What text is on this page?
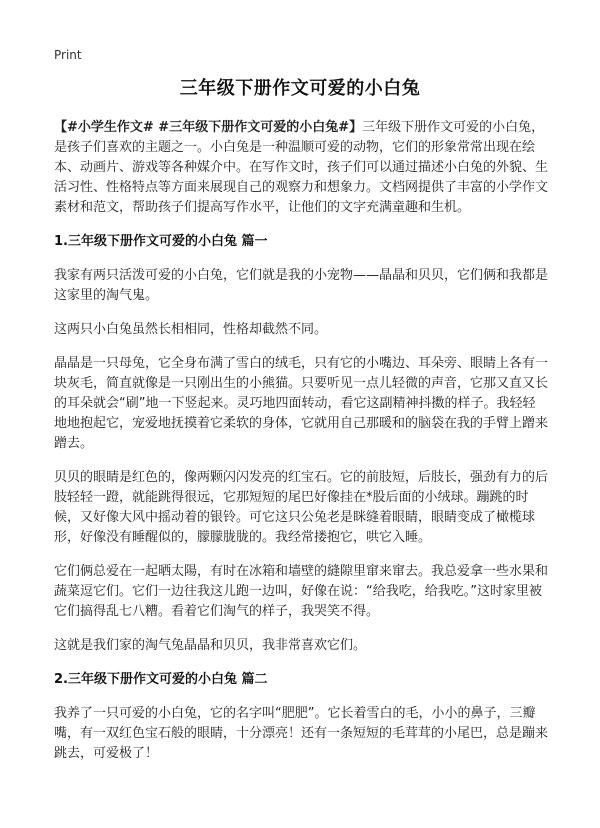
Print
三年级下册作文可爱的小白兔

【#小学生作文# #三年级下册作文可爱的小白兔#】三年级下册作文可爱的小白兔，是孩子们喜欢的主题之一。小白兔是一种温顺可爱的动物，它们的形象常常出现在绘本、动画片、游戏等各种媒介中。在写作文时，孩子们可以通过描述小白兔的外貌、生活习性、性格特点等方面来展现自己的观察力和想象力。文档网提供了丰富的小学作文素材和范文，帮助孩子们提高写作水平，让他们的文字充满童趣和生机。

1.三年级下册作文可爱的小白兔 篇一

我家有两只活泼可爱的小白兔，它们就是我的小宠物——晶晶和贝贝，它们俩和我都是这家里的淘气鬼。

这两只小白兔虽然长相相同，性格却截然不同。

晶晶是一只母兔，它全身布满了雪白的绒毛，只有它的小嘴边、耳朵旁、眼睛上各有一块灰毛，简直就像是一只刚出生的小熊猫。只要听见一点儿轻微的声音，它那又直又长的耳朵就会“刷”地一下竖起来。灵巧地四面转动，看它这副精神抖擞的样子。我轻轻地地抱起它，宠爱地抚摸着它柔软的身体，它就用自己那暖和的脑袋在我的手臂上蹭来蹭去。

贝贝的眼睛是红色的，像两颗闪闪发亮的红宝石。它的前肢短，后肢长，强劲有力的后肢轻轻一蹬，就能跳得很远，它那短短的尾巴好像挂在*股后面的小绒球。蹦跳的时候，又好像大风中摇动着的银铃。可它这只公兔老是眯缝着眼睛，眼睛变成了橄榄球形，好像没有睡醒似的，朦朦胧胧的。我经常搂抱它，哄它入睡。

它们俩总爱在一起晒太陽，有时在冰箱和墙壁的縫隙里窜来窜去。我总爱拿一些水果和蔬菜逗它们。它们一边往我这儿跑一边叫，好像在说：“给我吃，给我吃。”这时家里被它们搞得乱七八糟。看着它们淘气的样子，我哭笑不得。

这就是我们家的淘气兔晶晶和贝贝，我非常喜欢它们。

2.三年级下册作文可爱的小白兔 篇二

我养了一只可爱的小白兔，它的名字叫“肥肥”。它长着雪白的毛，小小的鼻子，三瓣嘴，有一双红色宝石般的眼睛，十分漂亮！还有一条短短的毛茸茸的小尾巴，总是蹦来跳去，可爱极了！
